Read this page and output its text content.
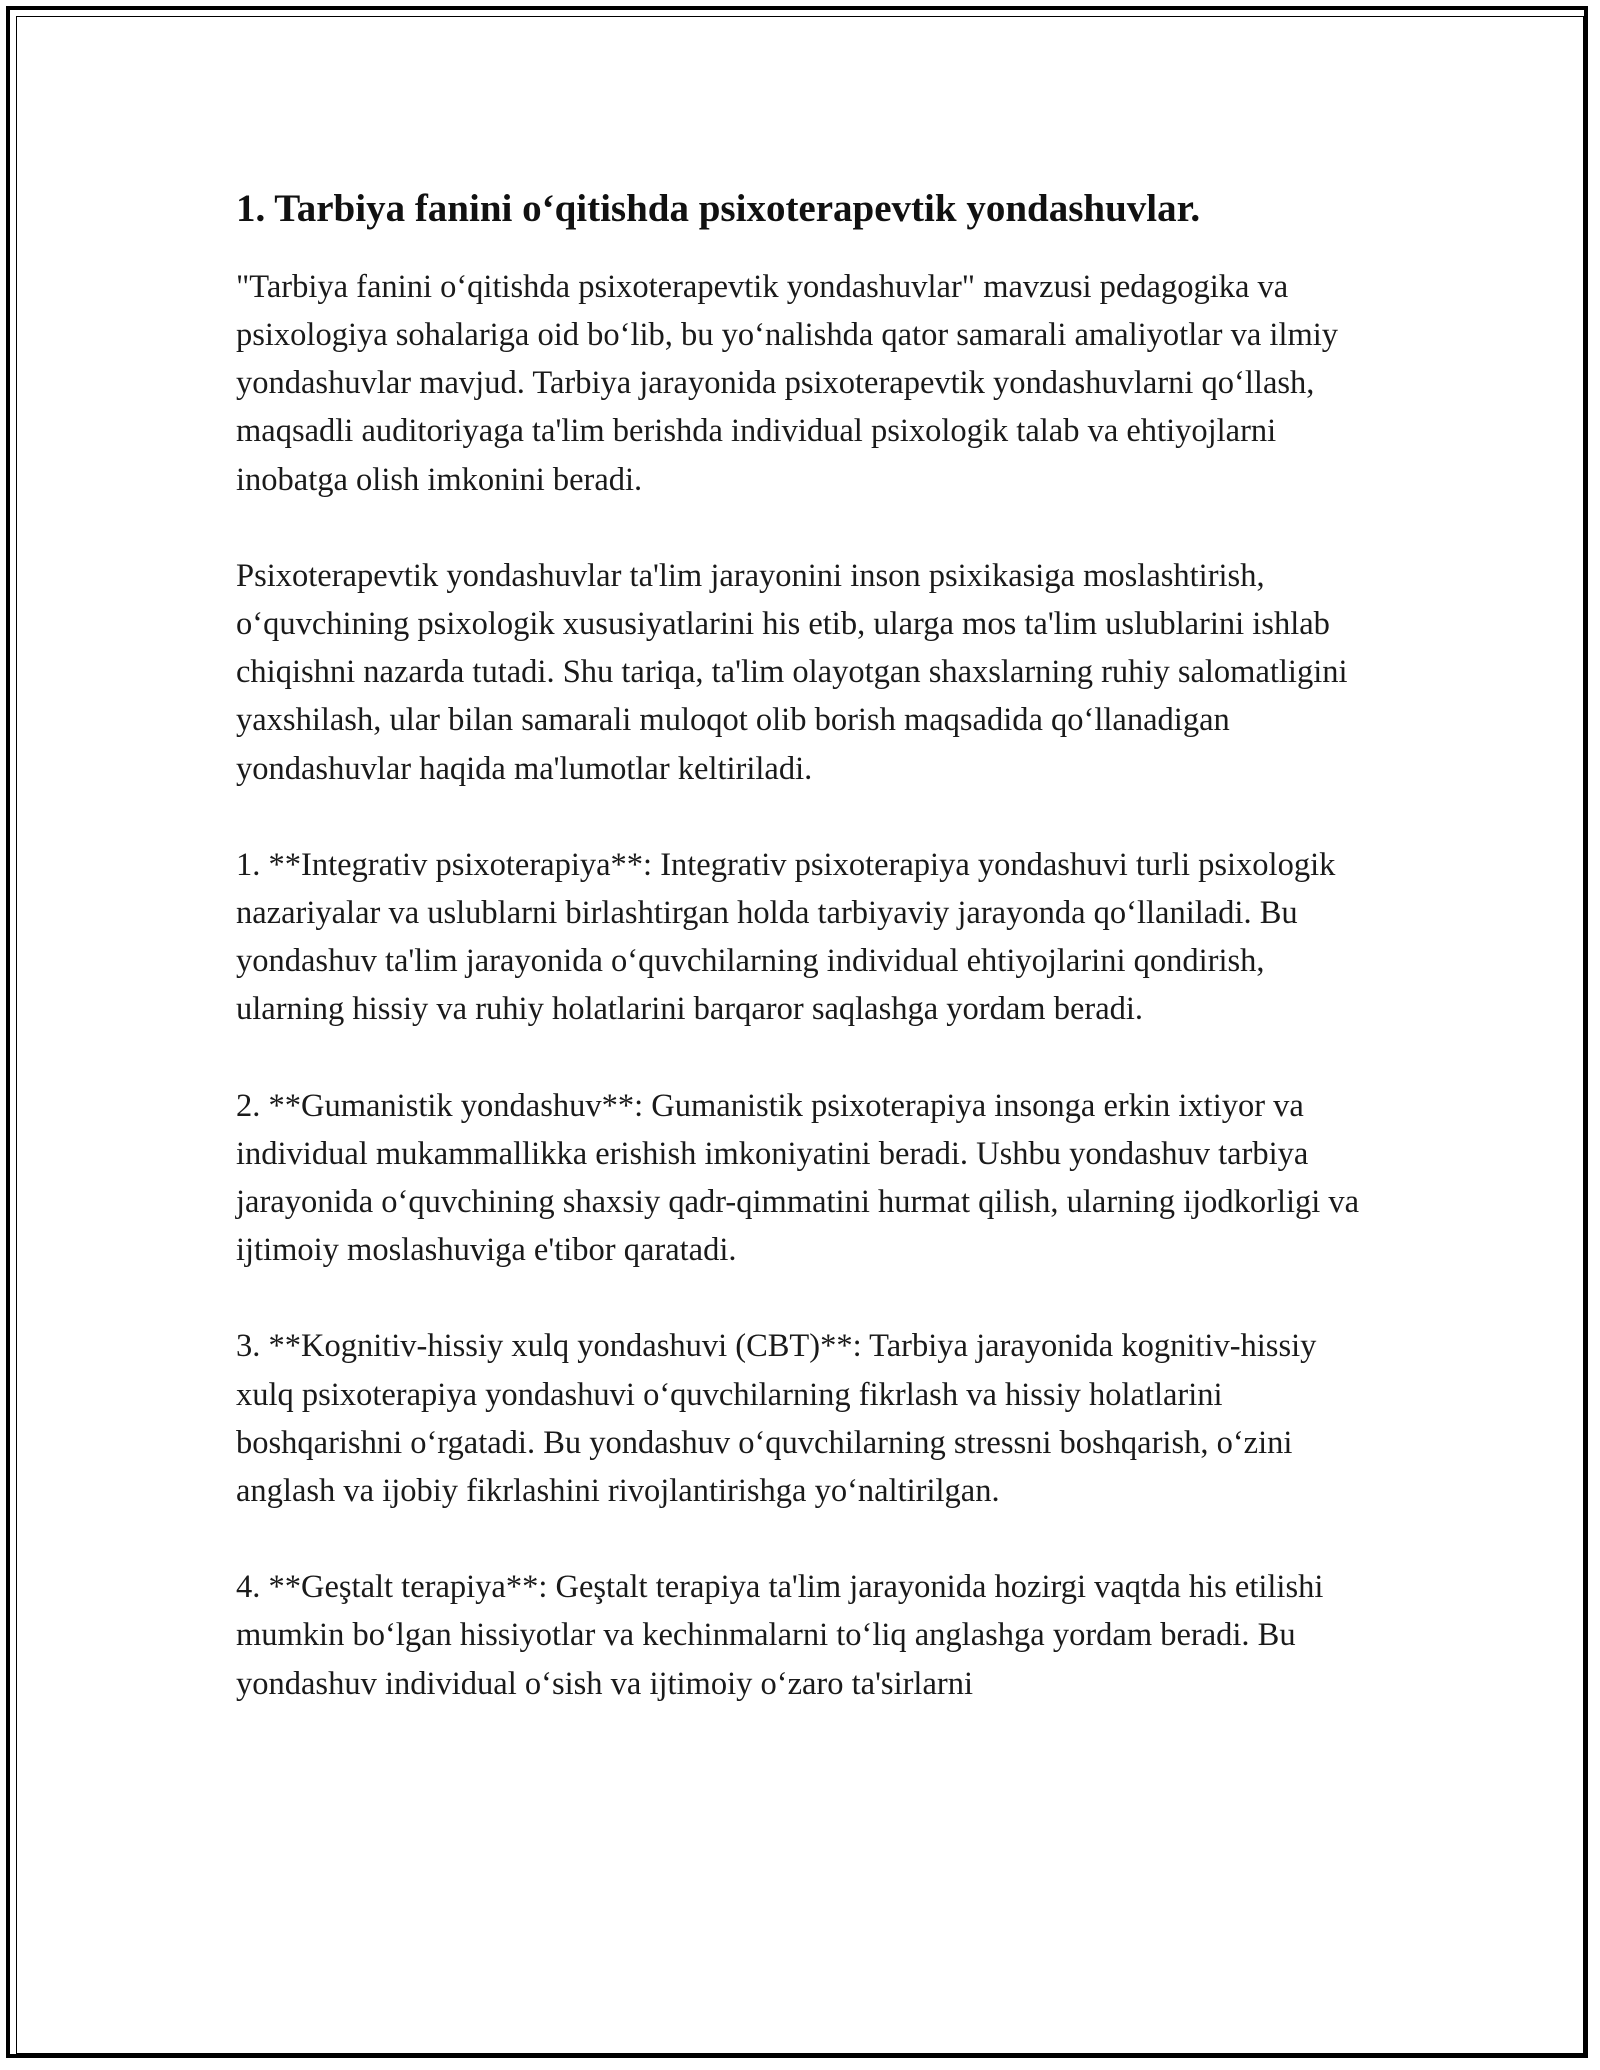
1. Tarbiya fanini o‘qitishda psixoterapevtik yondashuvlar.

"Tarbiya fanini o‘qitishda psixoterapevtik yondashuvlar" mavzusi pedagogika va psixologiya sohalariga oid bo‘lib, bu yo‘nalishda qator samarali amaliyotlar va ilmiy yondashuvlar mavjud. Tarbiya jarayonida psixoterapevtik yondashuvlarni qo‘llash, maqsadli auditoriyaga ta'lim berishda individual psixologik talab va ehtiyojlarni inobatga olish imkonini beradi.

Psixoterapevtik yondashuvlar ta'lim jarayonini inson psixikasiga moslashtirish, o‘quvchining psixologik xususiyatlarini his etib, ularga mos ta'lim uslublarini ishlab chiqishni nazarda tutadi. Shu tariqa, ta'lim olayotgan shaxslarning ruhiy salomatligini yaxshilash, ular bilan samarali muloqot olib borish maqsadida qo‘llanadigan yondashuvlar haqida ma'lumotlar keltiriladi.

1. **Integrativ psixoterapiya**: Integrativ psixoterapiya yondashuvi turli psixologik nazariyalar va uslublarni birlashtirgan holda tarbiyaviy jarayonda qo‘llaniladi. Bu yondashuv ta'lim jarayonida o‘quvchilarning individual ehtiyojlarini qondirish, ularning hissiy va ruhiy holatlarini barqaror saqlashga yordam beradi.

2. **Gumanistik yondashuv**: Gumanistik psixoterapiya insonga erkin ixtiyor va individual mukammallikka erishish imkoniyatini beradi. Ushbu yondashuv tarbiya jarayonida o‘quvchining shaxsiy qadr-qimmatini hurmat qilish, ularning ijodkorligi va ijtimoiy moslashuviga e'tibor qaratadi.

3. **Kognitiv-hissiy xulq yondashuvi (CBT)**: Tarbiya jarayonida kognitiv-hissiy xulq psixoterapiya yondashuvi o‘quvchilarning fikrlash va hissiy holatlarini boshqarishni o‘rgatadi. Bu yondashuv o‘quvchilarning stressni boshqarish, o‘zini anglash va ijobiy fikrlashini rivojlantirishga yo‘naltirilgan.

4. **Geştalt terapiya**: Geştalt terapiya ta'lim jarayonida hozirgi vaqtda his etilishi mumkin bo‘lgan hissiyotlar va kechinmalarni to‘liq anglashga yordam beradi. Bu yondashuv individual o‘sish va ijtimoiy o‘zaro ta'sirlarni
